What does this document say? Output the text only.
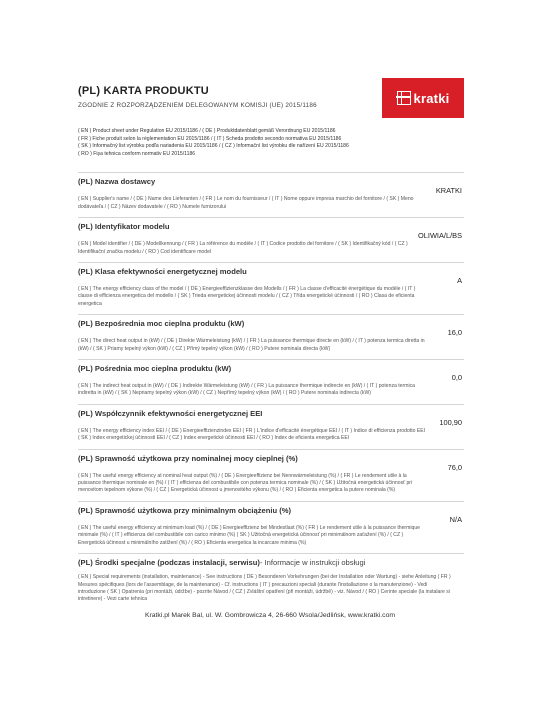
(PL) KARTA PRODUKTU
ZGODNIE Z ROZPORZĄDZENIEM DELEGOWANYM KOMISJI (UE) 2015/1186	kratki
( EN ) Product sheet under Regulation EU 2015/1186 / ( DE ) Produktdatenblatt gemäß Verordnung EU 2015/1186
( FR ) Fiche produit selon la réglementation EU 2015/1186 / ( IT ) Scheda prodotto secondo normativa EU 2015/1186
( SK ) Informačný list výrobku podľa nariadenia EU 2015/1186 / ( CZ ) Informační list výrobku dle nařízení EU 2015/1186
( RO ) Fișa tehnica conform normativ EU 2015/1186
(PL) Nazwa dostawcy
KRATKI
( EN ) Supplier's name / ( DE ) Name des Lieferanten / ( FR ) Le nom du fournisseur / ( IT ) Nome oppure impresa marchio del fornitore / ( SK ) Meno dodávateľa / ( CZ ) Název dodavatele / ( RO ) Numele furnizorului
(PL) Identyfikator modelu
OLIWIA/L/BS
( EN ) Model identifier / ( DE ) Modellkennung / ( FR ) La référence du modèle / ( IT ) Codice prodotto del fornitore / ( SK ) Identifikačný kód / ( CZ ) Identifikační značka modelu / ( RO ) Cod identificare model
(PL) Klasa efektywności energetycznej modelu
A
( EN ) The energy efficiency class of the model / ( DE ) Energieeffizienzklasse des Modells / ( FR ) La classe d'efficacité énergétique du modèle / ( IT ) classe di efficienza energetica del modello / ( SK ) Trieda energetickej účinnosti modelu / ( CZ ) Třída energetické účinnosti / ( RO ) Clasa de eficienta energetica
(PL) Bezpośrednia moc cieplna produktu (kW)
16,0
( EN ) The direct heat output in (kW) / ( DE ) Direkte Wärmeleistung (kW) / ( FR ) La puissance thermique directe en (kW) / ( IT ) potenza termica diretta in (kW) / ( SK ) Priamy tepelný výkon (kW) / ( CZ ) Přímý tepelný výkon (kW) / ( RO ) Putere nominala directa (kW)
(PL) Pośrednia moc cieplna produktu (kW)
0,0
( EN ) The indirect heat output in (kW) / ( DE ) Indirekte Wärmeleistung (kW) / ( FR ) La puissance thermique indirecte en (kW) / ( IT ) potenza termica indiretta in (kW) / ( SK ) Nepriamy tepelný výkon (kW) / ( CZ ) Nepřímý tepelný výkon (kW) / ( RO ) Putere nominala indirecta (kW)
(PL) Współczynnik efektywności energetycznej EEI
100,90
( EN ) The energy efficiency index EEI / ( DE ) Energieeffizienzindex EEI ( FR ) L'indice d'efficacité énergétique EEI / ( IT ) Indice di efficienza prodotto EEI ( SK ) Index energetickej účinnosti EEI / ( CZ ) Index energetické účinnosti EEI / ( RO ) Index de eficienta energetica EEI
(PL) Sprawność użytkowa przy nominalnej mocy cieplnej (%)
76,0
( EN ) The useful energy efficiency at nominal heat output (%) / ( DE ) Energieeffizienz bei Nennwärmeleistung (%) / ( FR ) Le rendement utile à la puissance thermique nominale en (%) / ( IT ) efficienza del combustibile con potenza termica nominale (%) / ( SK ) Užitočná energetická účinnosť pri menovitom tepelnom výkone (%) / ( CZ ) Energetická účinnost u jmenovitého výkonu (%) / ( RO ) Eficienta energetica la putere nominala (%)
(PL) Sprawność użytkowa przy minimalnym obciążeniu (%)
N/A
( EN ) The useful energy efficiency at minimum load (%) / ( DE ) Energieeffizienz bei Mindestlast (%) ( FR ) Le rendement utile à la puissance thermique minimale (%) / ( IT ) efficienza del combustibile con carico minimo (%) ( SK ) Užitočná energetická účinnosť pri minimálnom zaťažení (%) / ( CZ ) Energetická účinnost u minimálního zatížení (%) / ( RO ) Eficienta energetica la incarcare minima (%)
(PL) Środki specjalne (podczas instalacji, serwisu)- Informacje w instrukcji obsługi
( EN ) Special requirements (installation, maintenance) - See instructions ( DE ) Besonderen Vorkehrungen (bei der Installation oder Wartung) - siehe Anleitung ( FR ) Mesures spécifiques (lors de l'assemblage, de la maintenance) - Cf. instructions ( IT ) precauzioni speciali (durante l'installazione o la manutenzione) - Vedi introduzione ( SK ) Opatrenia (pri montáži, údržbe) - pozrite Návod / ( CZ ) Zvláštní opatření (při montáži, údržbě) - viz. Návod / ( RO ) Cerinte speciale (la instalare si intretinere) - Vezi carte tehnica
Kratki.pl Marek Bal, ul. W. Gombrowicza 4, 26-660 Wsola/Jedlińsk, www.kratki.com
